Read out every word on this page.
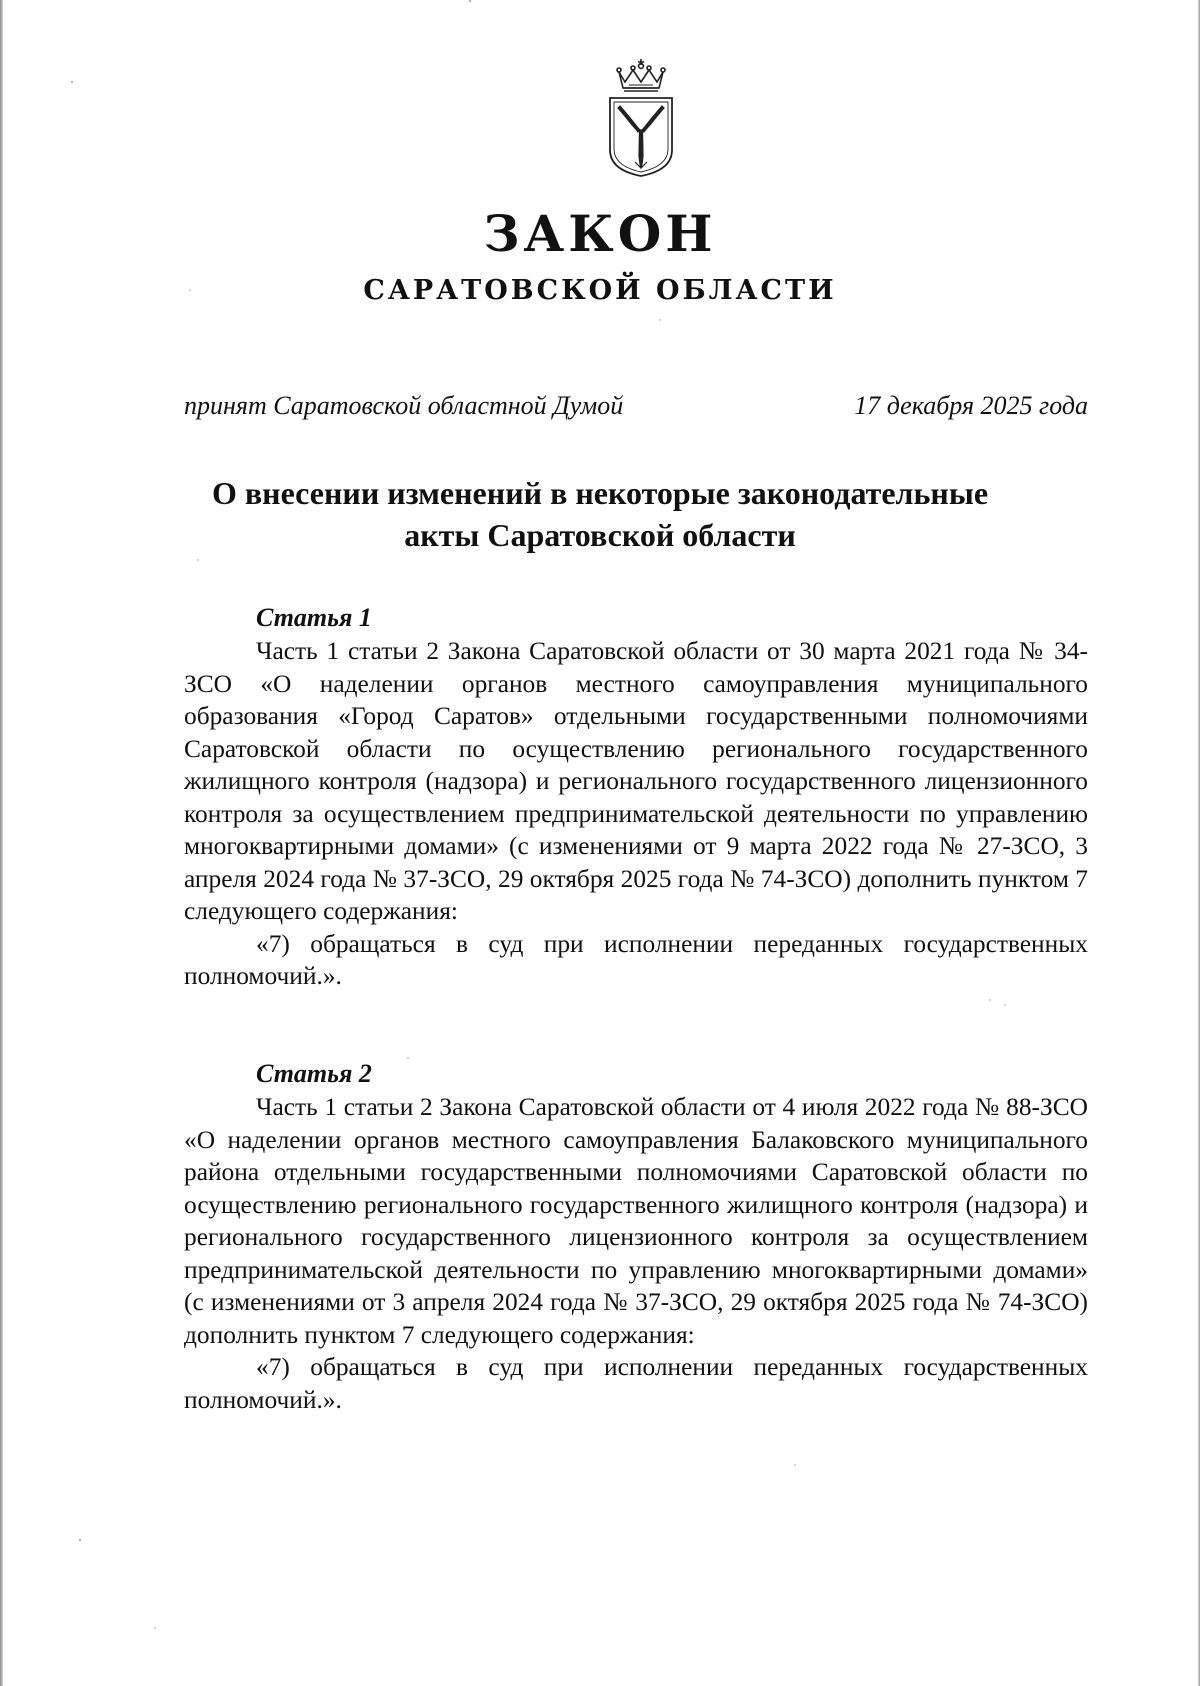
ЗАКОН
САРАТОВСКОЙ ОБЛАСТИ
принят Саратовской областной Думой	17 декабря 2025 года
О внесении изменений в некоторые законодательные
акты Саратовской области
Статья 1

Часть 1 статьи 2 Закона Саратовской области от 30 марта 2021 года № 34-ЗСО «О наделении органов местного самоуправления муниципального образования «Город Саратов» отдельными государственными полномочиями Саратовской области по осуществлению регионального государственного жилищного контроля (надзора) и регионального государственного лицензионного контроля за осуществлением предпринимательской деятельности по управлению многоквартирными домами» (с изменениями от 9 марта 2022 года № 27-ЗСО, 3 апреля 2024 года № 37-ЗСО, 29 октября 2025 года № 74-ЗСО) дополнить пунктом 7 следующего содержания:

«7) обращаться в суд при исполнении переданных государственных полномочий.».

Статья 2

Часть 1 статьи 2 Закона Саратовской области от 4 июля 2022 года № 88-ЗСО «О наделении органов местного самоуправления Балаковского муниципального района отдельными государственными полномочиями Саратовской области по осуществлению регионального государственного жилищного контроля (надзора) и регионального государственного лицензионного контроля за осуществлением предпринимательской деятельности по управлению многоквартирными домами» (с изменениями от 3 апреля 2024 года № 37-ЗСО, 29 октября 2025 года № 74-ЗСО) дополнить пунктом 7 следующего содержания:

«7) обращаться в суд при исполнении переданных государственных полномочий.».
